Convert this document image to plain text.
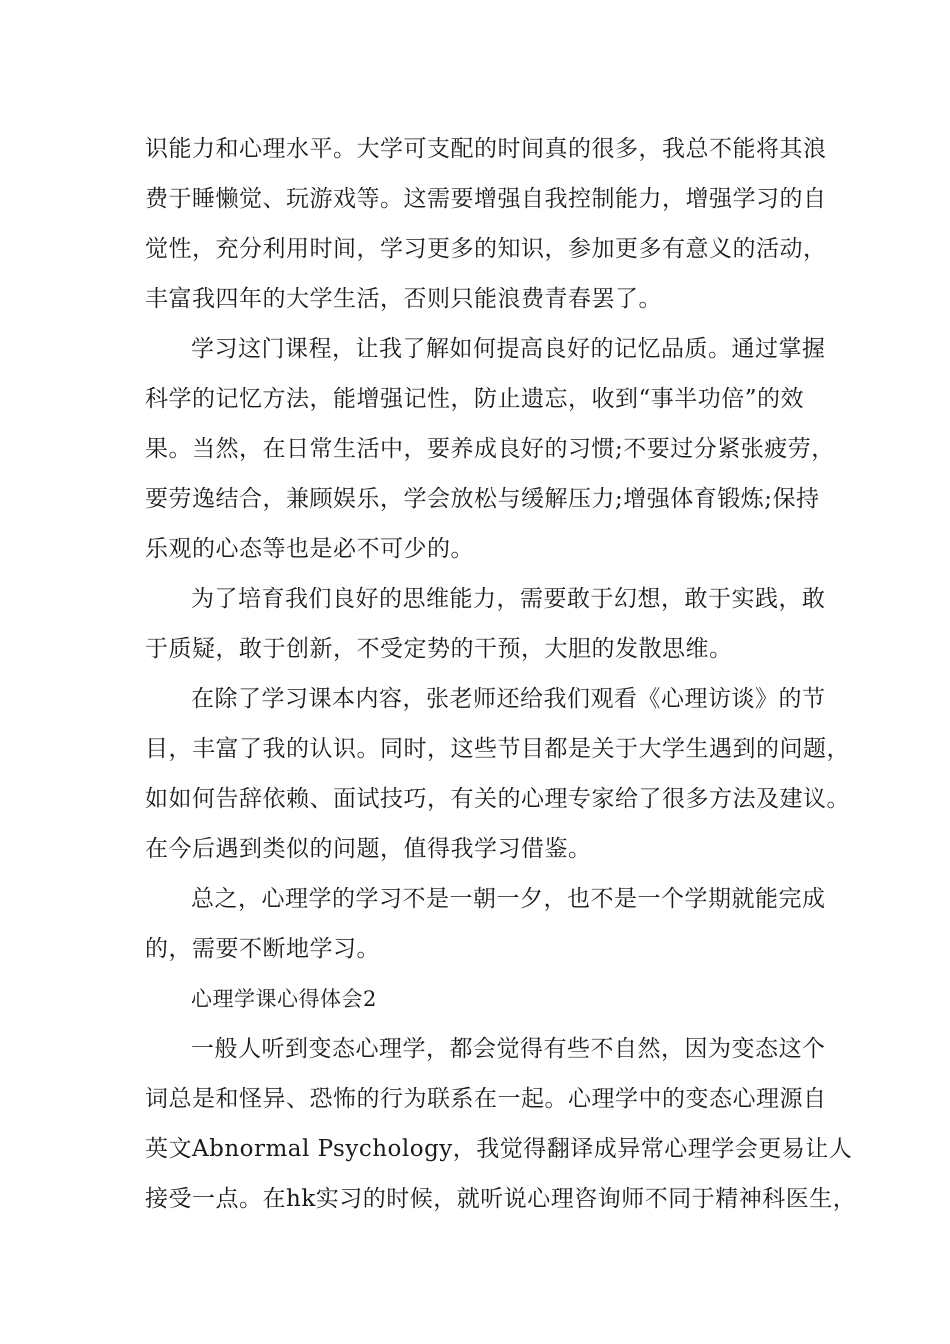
识能力和心理水平。大学可支配的时间真的很多，我总不能将其浪
费于睡懒觉、玩游戏等。这需要增强自我控制能力，增强学习的自
觉性，充分利用时间，学习更多的知识，参加更多有意义的活动，
丰富我四年的大学生活，否则只能浪费青春罢了。
学习这门课程，让我了解如何提高良好的记忆品质。通过掌握
科学的记忆方法，能增强记性，防止遗忘，收到“事半功倍”的效
果。当然，在日常生活中，要养成良好的习惯;不要过分紧张疲劳，
要劳逸结合，兼顾娱乐，学会放松与缓解压力;增强体育锻炼;保持
乐观的心态等也是必不可少的。
为了培育我们良好的思维能力，需要敢于幻想，敢于实践，敢
于质疑，敢于创新，不受定势的干预，大胆的发散思维。
在除了学习课本内容，张老师还给我们观看《心理访谈》的节
目，丰富了我的认识。同时，这些节目都是关于大学生遇到的问题，
如如何告辞依赖、面试技巧，有关的心理专家给了很多方法及建议。
在今后遇到类似的问题，值得我学习借鉴。
总之，心理学的学习不是一朝一夕，也不是一个学期就能完成
的，需要不断地学习。
心理学课心得体会2
一般人听到变态心理学，都会觉得有些不自然，因为变态这个
词总是和怪异、恐怖的行为联系在一起。心理学中的变态心理源自
英文Abnormal Psychology，我觉得翻译成异常心理学会更易让人
接受一点。在hk实习的时候，就听说心理咨询师不同于精神科医生，
